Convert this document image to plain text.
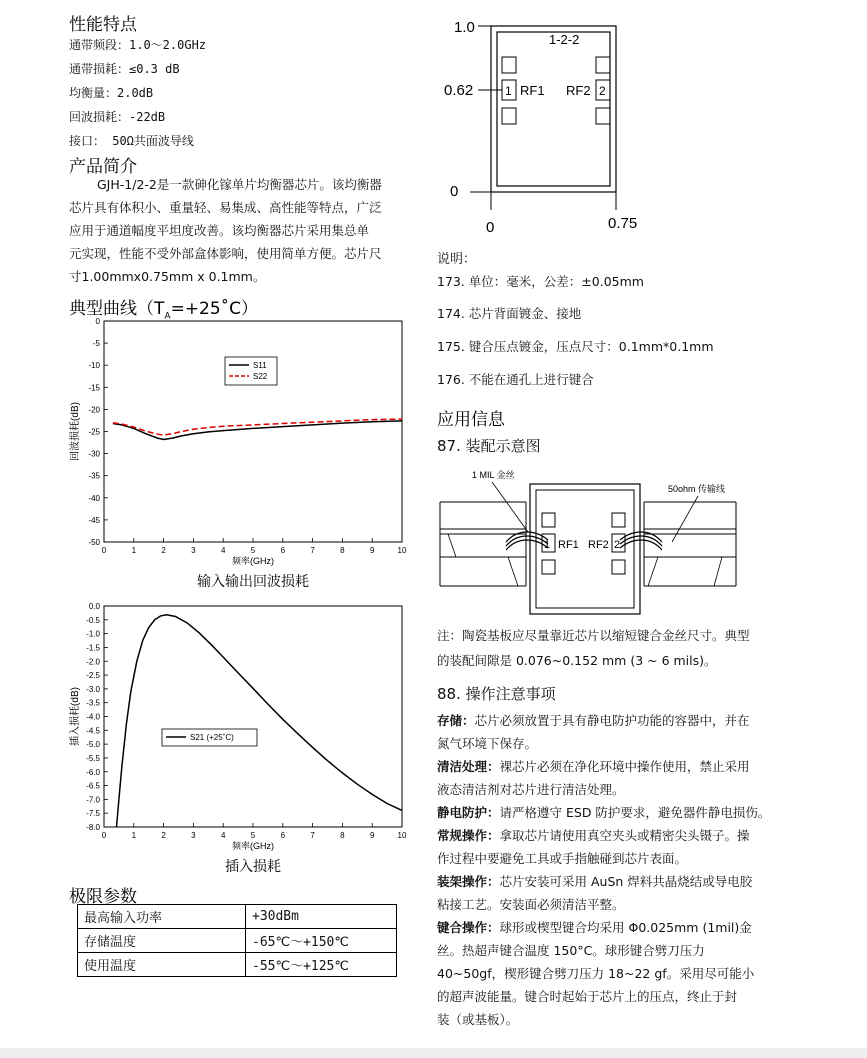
性能特点
通带频段：1.0～2.0GHz
通带损耗：≤0.3 dB
均衡量：2.0dB
回波损耗：-22dB
接口： 50Ω共面波导线
产品简介
GJH-1/2-2是一款砷化镓单片均衡器芯片。该均衡器
芯片具有体积小、重量轻、易集成、高性能等特点，广泛
应用于通道幅度平坦度改善。该均衡器芯片采用集总单
元实现，性能不受外部盒体影响，使用简单方便。芯片尺
寸1.00mmx0.75mm x 0.1mm。
典型曲线$(T_A=+25˚C)$
0	1	2	3	4	5	6	7	8	9	10
0
-5
-10
-15
-20
-25
-30
-35
-40
-45
-50
频率(GHz)
回波损耗(dB)
输入输出回波损耗
S11
S22
0	1	2	3	4	5	6	7	8	9	10
0.0
-0.5
-1.0
-1.5
-2.0
-2.5
-3.0
-3.5
-4.0
-4.5
-5.0
-5.5
-6.0
-6.5
-7.0
-7.5
-8.0
频率(GHz)
插入损耗(dB)
插入损耗
S21 (+25˚C)
极限参数
最高输入功率	+30dBm
存储温度	-65℃～+150℃
使用温度	-55℃～+125℃
1.0
0.62
0
0	0.75
1-2-2
1 RF1 RF2 2
说明：
173. 单位：毫米，公差：±0.05mm
174. 芯片背面镀金、接地
175. 键合压点镀金，压点尺寸：0.1mm*0.1mm
176. 不能在通孔上进行键合
应用信息
87. 装配示意图
1 MIL 金丝
50ohm 传输线
1 RF1 RF2 2
注：陶瓷基板应尽量靠近芯片以缩短键合金丝尺寸。典型
的装配间隙是 0.076~0.152 mm (3 ~ 6 mils)。
88. 操作注意事项
存储：芯片必须放置于具有静电防护功能的容器中，并在
氮气环境下保存。
清洁处理：裸芯片必须在净化环境中操作使用，禁止采用
液态清洁剂对芯片进行清洁处理。
静电防护：请严格遵守 ESD 防护要求，避免器件静电损伤。
常规操作：拿取芯片请使用真空夹头或精密尖头镊子。操
作过程中要避免工具或手指触碰到芯片表面。
装架操作：芯片安装可采用 AuSn 焊料共晶烧结或导电胶
粘接工艺。安装面必须清洁平整。
键合操作：球形或楔型键合均采用 Φ0.025mm (1mil)金
丝。热超声键合温度 150°C。球形键合劈刀压力
40~50gf，楔形键合劈刀压力 18~22 gf。采用尽可能小
的超声波能量。键合时起始于芯片上的压点，终止于封
装（或基板）。
